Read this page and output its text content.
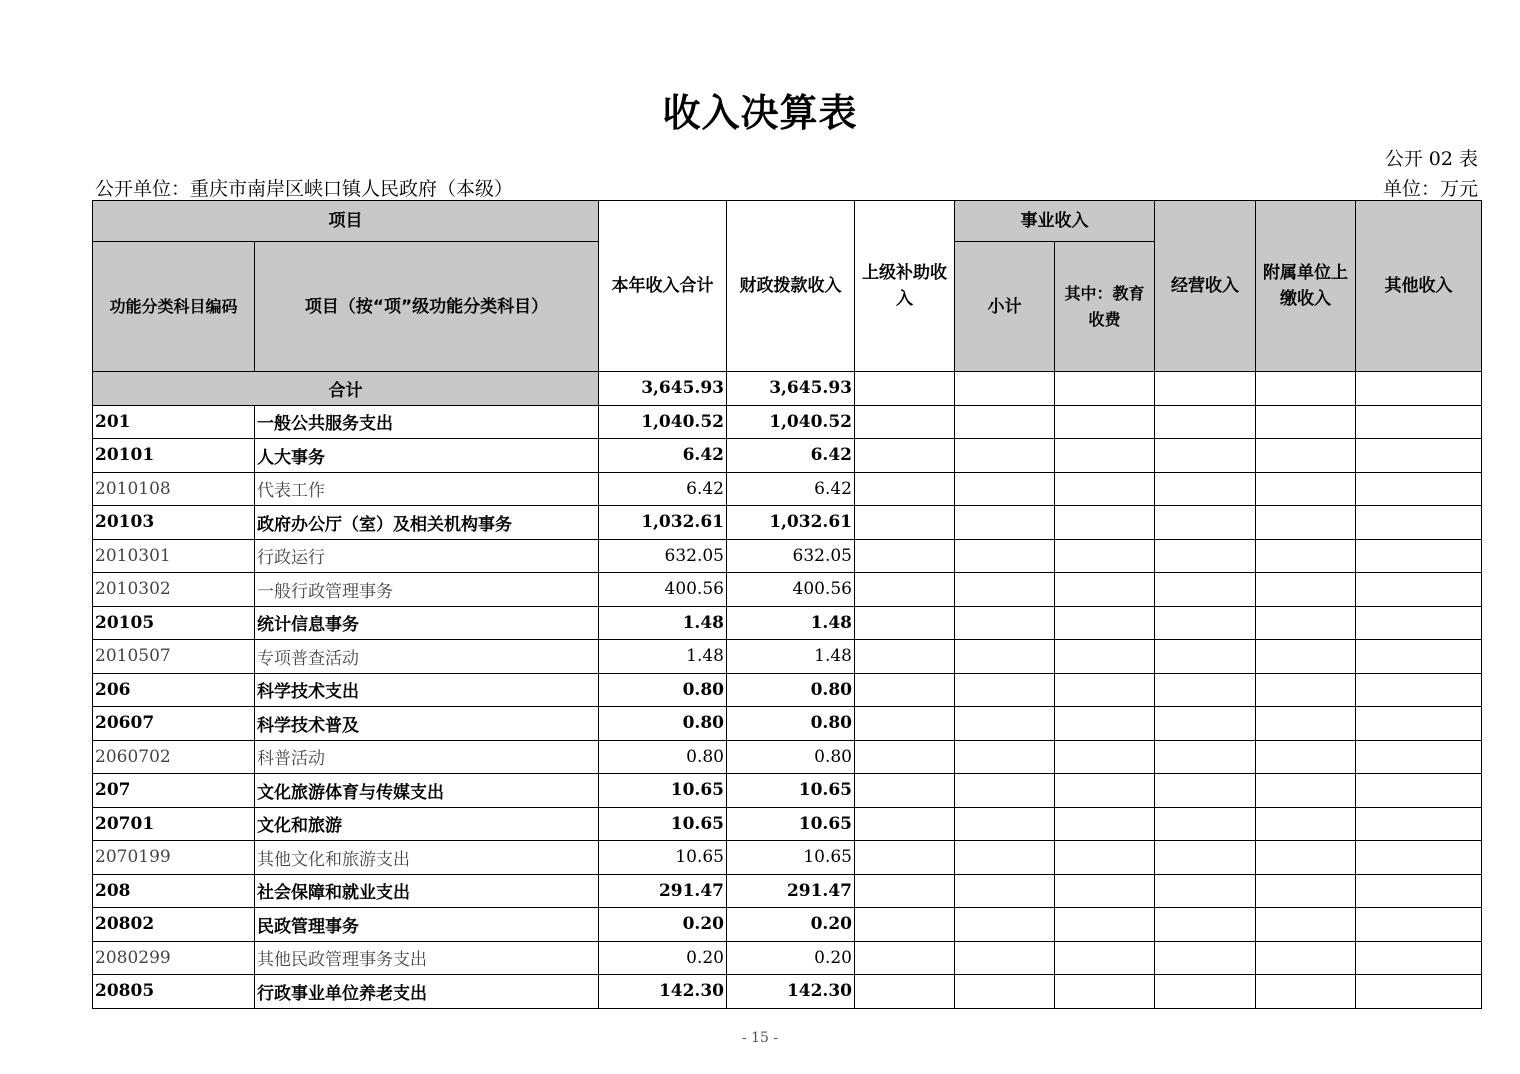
收入决算表
公开 02 表
公开单位：重庆市南岸区峡口镇人民政府（本级）	单位：万元
项目		本年收入合计	财政拨款收入	上级补助收入	事业收入		经营收入	附属单位上缴收入	其他收入
功能分类科目编码	项目（按“项”级功能分类科目）				小计	其中：教育收费			
合计		3,645.93	3,645.93						
201	一般公共服务支出	1,040.52	1,040.52						
20101	人大事务	6.42	6.42						
2010108	代表工作	6.42	6.42						
20103	政府办公厅（室）及相关机构事务	1,032.61	1,032.61						
2010301	行政运行	632.05	632.05						
2010302	一般行政管理事务	400.56	400.56						
20105	统计信息事务	1.48	1.48						
2010507	专项普查活动	1.48	1.48						
206	科学技术支出	0.80	0.80						
20607	科学技术普及	0.80	0.80						
2060702	科普活动	0.80	0.80						
207	文化旅游体育与传媒支出	10.65	10.65						
20701	文化和旅游	10.65	10.65						
2070199	其他文化和旅游支出	10.65	10.65						
208	社会保障和就业支出	291.47	291.47						
20802	民政管理事务	0.20	0.20						
2080299	其他民政管理事务支出	0.20	0.20						
20805	行政事业单位养老支出	142.30	142.30						
- 15 -
